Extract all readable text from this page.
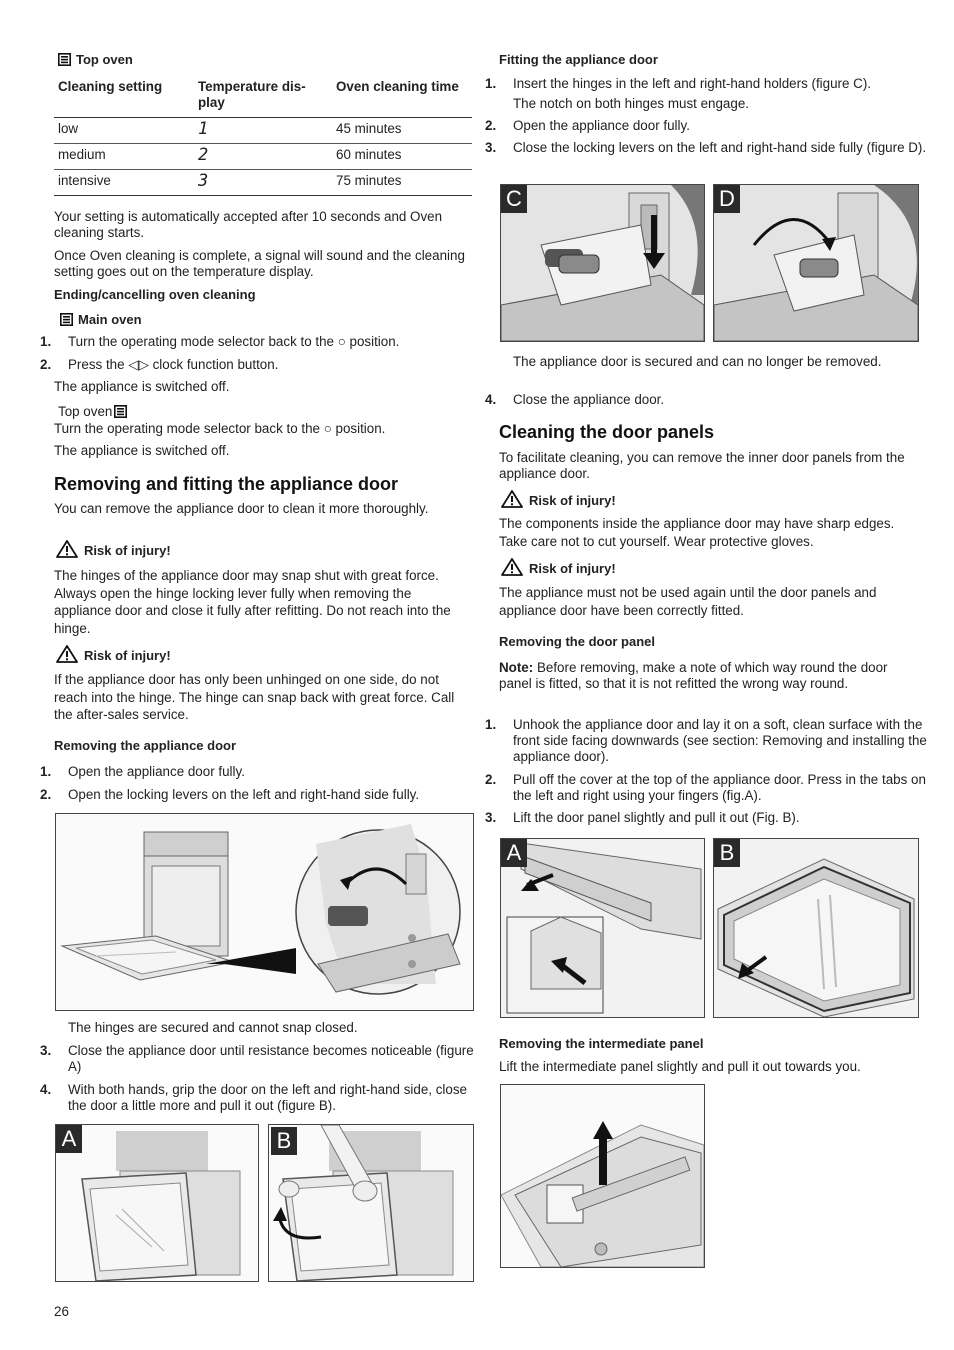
Top oven
Cleaning setting	Temperature dis-play	Oven cleaning time
low	1	45 minutes
medium	2	60 minutes
intensive	3	75 minutes

Your setting is automatically accepted after 10 seconds and Oven cleaning starts.

Once Oven cleaning is complete, a signal will sound and the cleaning setting goes out on the temperature display.

Ending/cancelling oven cleaning
Main oven
1. Turn the operating mode selector back to the ○ position.
2. Press the ◁▷ clock function button.

The appliance is switched off.

Top oven

Turn the operating mode selector back to the ○ position.

The appliance is switched off.

Removing and fitting the appliance door

You can remove the appliance door to clean it more thoroughly.

Risk of injury!

The hinges of the appliance door may snap shut with great force. Always open the hinge locking lever fully when removing the appliance door and close it fully after refitting. Do not reach into the hinge.

Risk of injury!

If the appliance door has only been unhinged on one side, do not reach into the hinge. The hinge can snap back with great force. Call the after-sales service.

Removing the appliance door
1. Open the appliance door fully.
2. Open the locking levers on the left and right-hand side fully.

The hinges are secured and cannot snap closed.

3. Close the appliance door until resistance becomes noticeable (figure A)
4. With both hands, grip the door on the left and right-hand side, close the door a little more and pull it out (figure B).
A	B
Fitting the appliance door
1. Insert the hinges in the left and right-hand holders (figure C).

The notch on both hinges must engage.

2. Open the appliance door fully.
3. Close the locking levers on the left and right-hand side fully (figure D).
C	D

The appliance door is secured and can no longer be removed.

4. Close the appliance door.
Cleaning the door panels

To facilitate cleaning, you can remove the inner door panels from the appliance door.

Risk of injury!

The components inside the appliance door may have sharp edges. Take care not to cut yourself. Wear protective gloves.

Risk of injury!

The appliance must not be used again until the door panels and appliance door have been correctly fitted.

Removing the door panel

Note: Before removing, make a note of which way round the door panel is fitted, so that it is not refitted the wrong way round.

1. Unhook the appliance door and lay it on a soft, clean surface with the front side facing downwards (see section: Removing and installing the appliance door).
2. Pull off the cover at the top of the appliance door. Press in the tabs on the left and right using your fingers (fig.A).
3. Lift the door panel slightly and pull it out (Fig. B).
A	B
Removing the intermediate panel

Lift the intermediate panel slightly and pull it out towards you.

26
